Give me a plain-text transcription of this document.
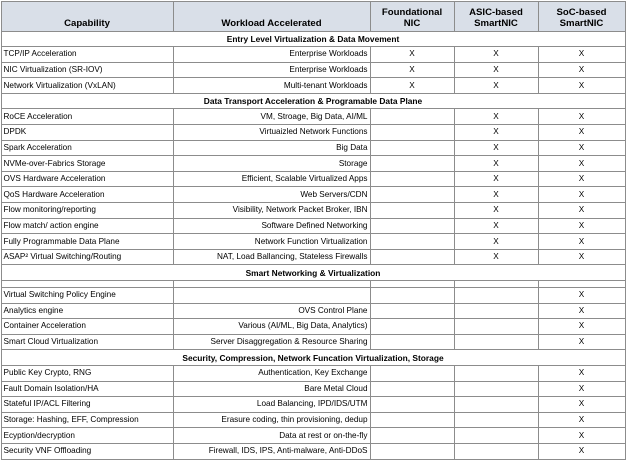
Capability	Workload Accelerated	Foundational NIC	ASIC-based SmartNIC	SoC-based SmartNIC
Entry Level Virtualization & Data Movement				
TCP/IP Acceleration	Enterprise Workloads	X	X	X
NIC Virtualization (SR-IOV)	Enterprise Workloads	X	X	X
Network Virtualization (VxLAN)	Multi-tenant Workloads	X	X	X
Data Transport Acceleration & Programable Data Plane				
RoCE Acceleration	VM, Stroage, Big Data, AI/ML		X	X
DPDK	Virtuaizled Network Functions		X	X
Spark Acceleration	Big Data		X	X
NVMe-over-Fabrics Storage	Storage		X	X
OVS Hardware Acceleration	Efficient, Scalable Virtualized Apps		X	X
QoS Hardware Acceleration	Web Servers/CDN		X	X
Flow monitoring/reporting	Visibility, Network Packet Broker, IBN		X	X
Flow match/ action engine	Software Defined Networking		X	X
Fully Programmable Data Plane	Network Function Virtualization		X	X
ASAP² Virtual Switching/Routing	NAT, Load Ballancing, Stateless Firewalls		X	X
Smart Networking & Virtualization				

Virtual Switching Policy Engine				X
Analytics engine	OVS Control Plane			X
Container Acceleration	Various (AI/ML, Big Data, Analytics)			X
Smart Cloud Virtualization	Server Disaggregation & Resource Sharing			X
Security, Compression, Network Funcation Virtualization, Storage				
Public Key Crypto, RNG	Authentication, Key Exchange			X
Fault Domain Isolation/HA	Bare Metal Cloud			X
Stateful IP/ACL Filtering	Load Balancing, IPD/IDS/UTM			X
Storage: Hashing, EFF, Compression	Erasure coding, thin provisioning, dedup			X
Ecyption/decryption	Data at rest or on-the-fly			X
Security VNF Offloading	Firewall, IDS, IPS, Anti-malware, Anti-DDoS			X
